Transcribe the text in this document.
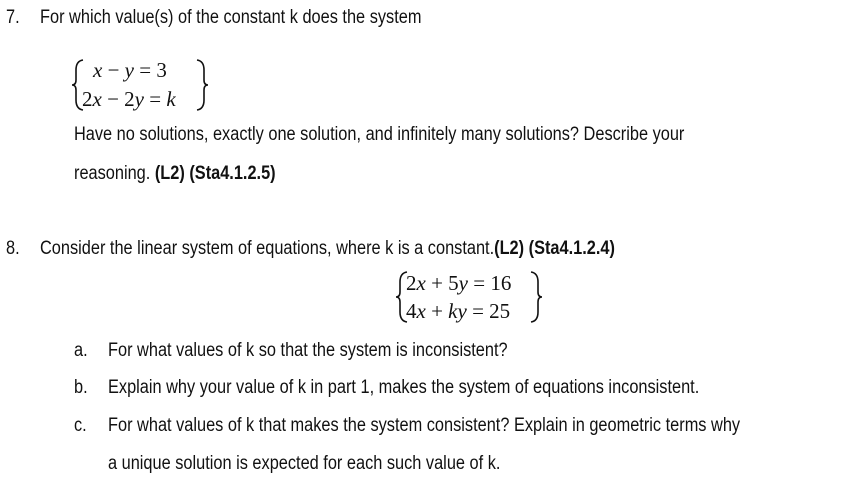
7. For which value(s) of the constant k does the system
x − y = 3
2x − 2y = k
Have no solutions, exactly one solution, and infinitely many solutions? Describe your
reasoning. (L2) (Sta4.1.2.5)
8. Consider the linear system of equations, where k is a constant.(L2) (Sta4.1.2.4)
2x + 5y = 16
4x + ky = 25
a. For what values of k so that the system is inconsistent?
b. Explain why your value of k in part 1, makes the system of equations inconsistent.
c. For what values of k that makes the system consistent? Explain in geometric terms why
a unique solution is expected for each such value of k.
